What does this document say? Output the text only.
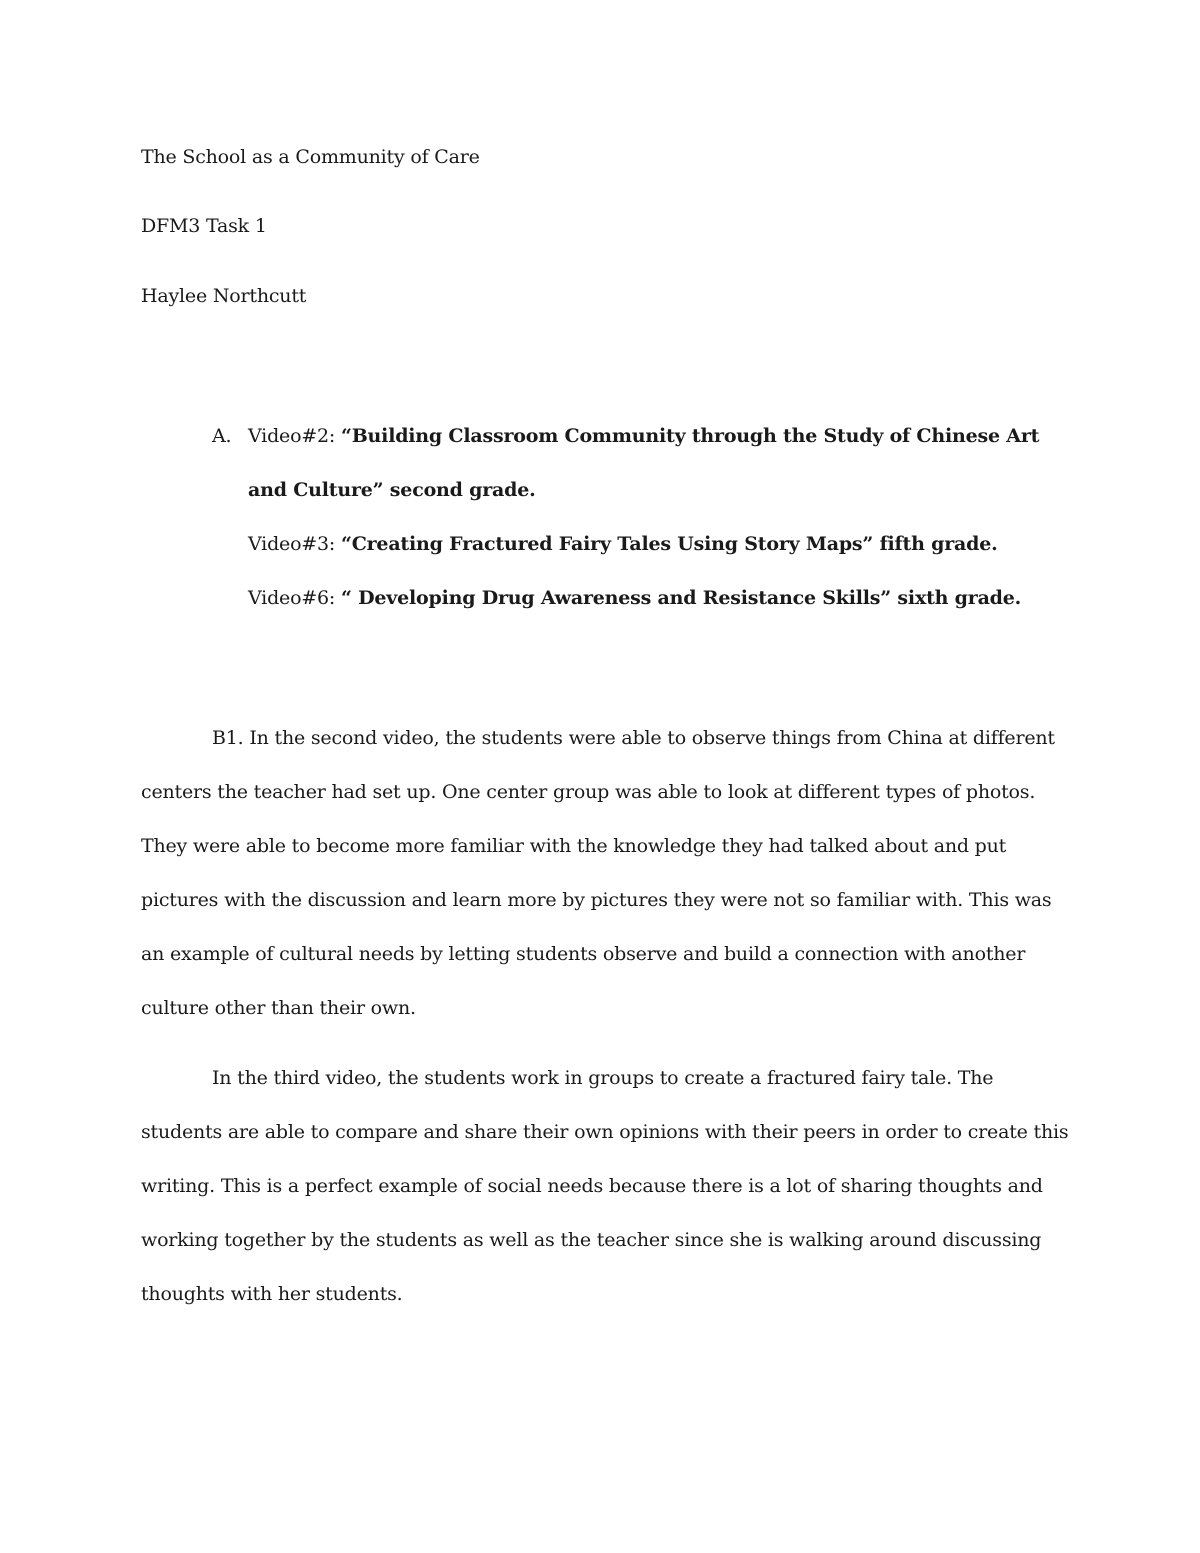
The School as a Community of Care
DFM3 Task 1
Haylee Northcutt
A. Video#2: “Building Classroom Community through the Study of Chinese Art
and Culture” second grade.
Video#3: “Creating Fractured Fairy Tales Using Story Maps” fifth grade.
Video#6: “ Developing Drug Awareness and Resistance Skills” sixth grade.
B1. In the second video, the students were able to observe things from China at different
centers the teacher had set up. One center group was able to look at different types of photos.
They were able to become more familiar with the knowledge they had talked about and put
pictures with the discussion and learn more by pictures they were not so familiar with. This was
an example of cultural needs by letting students observe and build a connection with another
culture other than their own.
In the third video, the students work in groups to create a fractured fairy tale. The
students are able to compare and share their own opinions with their peers in order to create this
writing. This is a perfect example of social needs because there is a lot of sharing thoughts and
working together by the students as well as the teacher since she is walking around discussing
thoughts with her students.
